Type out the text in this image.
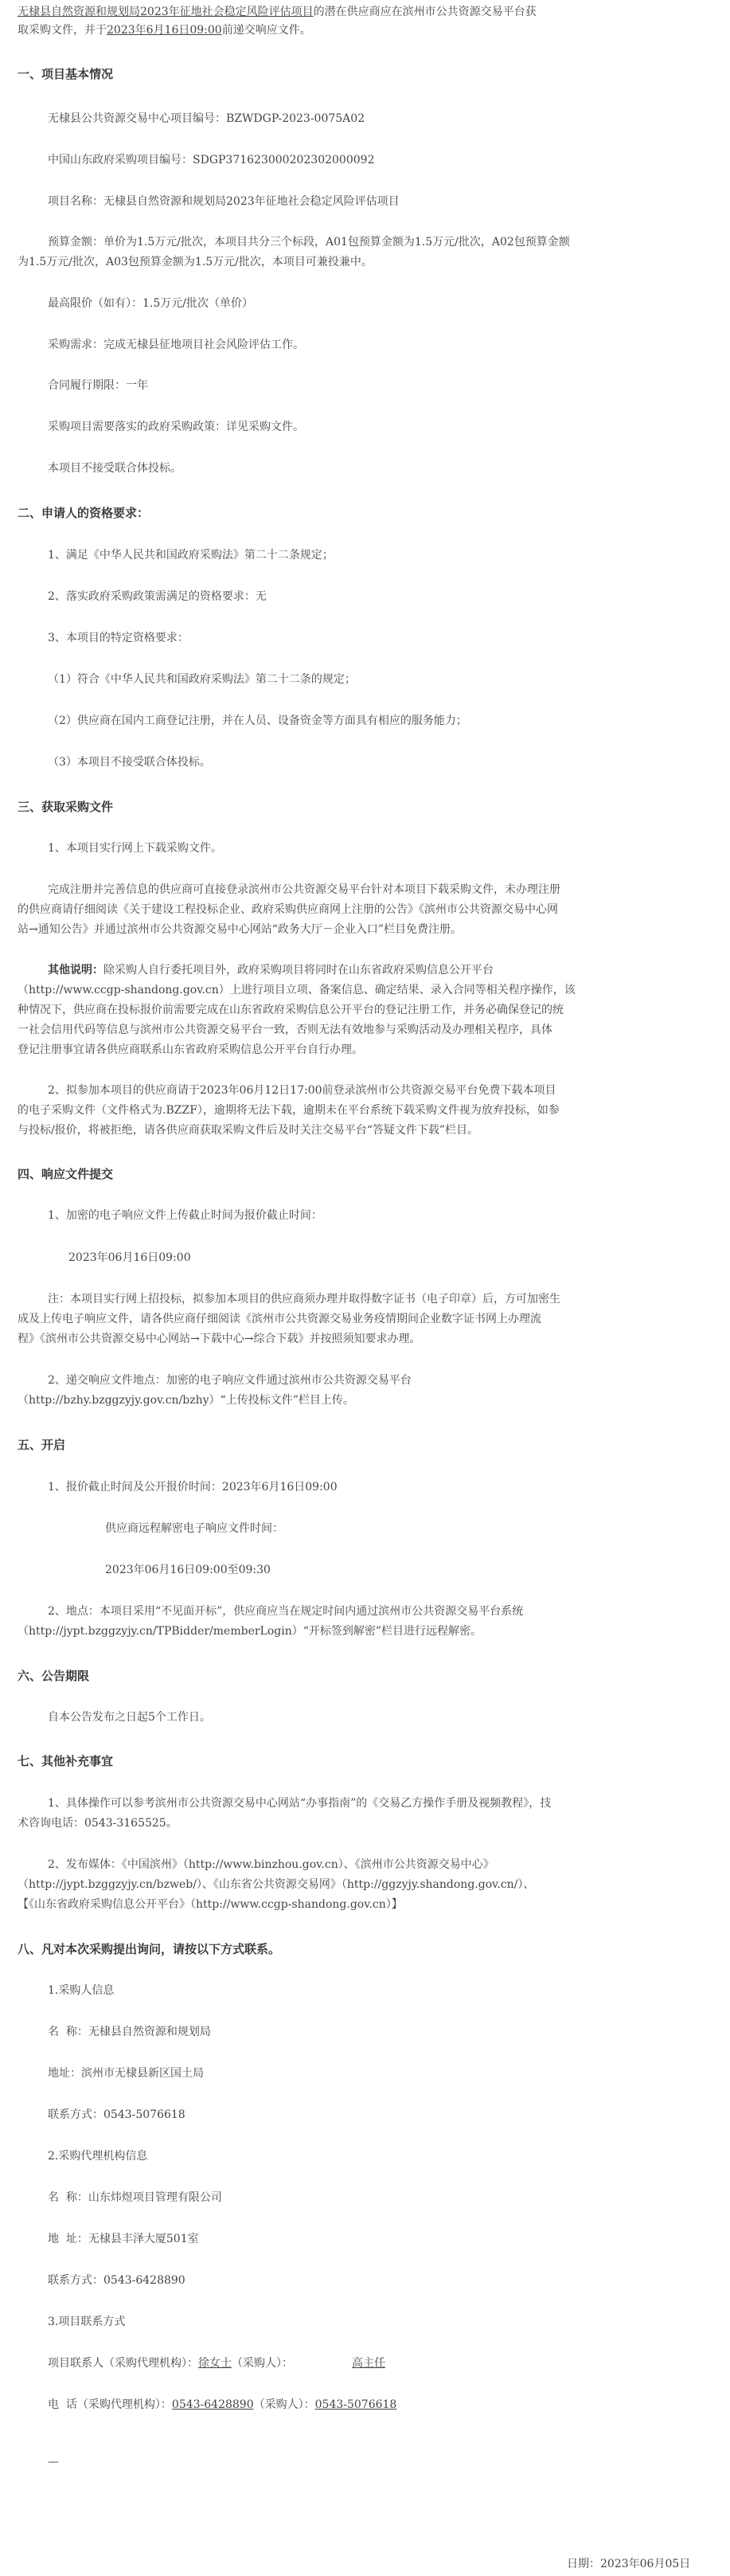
无棣县自然资源和规划局2023年征地社会稳定风险评估项目的潜在供应商应在滨州市公共资源交易平台获
取采购文件，并于2023年6月16日09:00前递交响应文件。
一、项目基本情况
无棣县公共资源交易中心项目编号：BZWDGP-2023-0075A02
中国山东政府采购项目编号：SDGP371623000202302000092
项目名称：无棣县自然资源和规划局2023年征地社会稳定风险评估项目
预算金额：单价为1.5万元/批次，本项目共分三个标段，A01包预算金额为1.5万元/批次，A02包预算金额
为1.5万元/批次，A03包预算金额为1.5万元/批次，本项目可兼投兼中。
最高限价（如有）：1.5万元/批次（单价）
采购需求：完成无棣县征地项目社会风险评估工作。
合同履行期限：一年
采购项目需要落实的政府采购政策：详见采购文件。
本项目不接受联合体投标。
二、申请人的资格要求：
1、满足《中华人民共和国政府采购法》第二十二条规定；
2、落实政府采购政策需满足的资格要求：无
3、本项目的特定资格要求：
（1）符合《中华人民共和国政府采购法》第二十二条的规定；
（2）供应商在国内工商登记注册，并在人员、设备资金等方面具有相应的服务能力；
（3）本项目不接受联合体投标。
三、获取采购文件
1、本项目实行网上下载采购文件。
完成注册并完善信息的供应商可直接登录滨州市公共资源交易平台针对本项目下载采购文件，未办理注册
的供应商请仔细阅读《关于建设工程投标企业、政府采购供应商网上注册的公告》《滨州市公共资源交易中心网
站→通知公告》并通过滨州市公共资源交易中心网站“政务大厅－企业入口”栏目免费注册。
其他说明：除采购人自行委托项目外，政府采购项目将同时在山东省政府采购信息公开平台
（http://www.ccgp-shandong.gov.cn）上进行项目立项、备案信息、确定结果、录入合同等相关程序操作，该
种情况下，供应商在投标报价前需要完成在山东省政府采购信息公开平台的登记注册工作，并务必确保登记的统
一社会信用代码等信息与滨州市公共资源交易平台一致，否则无法有效地参与采购活动及办理相关程序，具体
登记注册事宜请各供应商联系山东省政府采购信息公开平台自行办理。
2、拟参加本项目的供应商请于2023年06月12日17:00前登录滨州市公共资源交易平台免费下载本项目
的电子采购文件（文件格式为.BZZF），逾期将无法下载，逾期未在平台系统下载采购文件视为放弃投标，如参
与投标/报价，将被拒绝，请各供应商获取采购文件后及时关注交易平台“答疑文件下载”栏目。
四、响应文件提交
1、加密的电子响应文件上传截止时间为报价截止时间：
2023年06月16日09:00
注：本项目实行网上招投标，拟参加本项目的供应商须办理并取得数字证书（电子印章）后，方可加密生
成及上传电子响应文件，请各供应商仔细阅读《滨州市公共资源交易业务疫情期间企业数字证书网上办理流
程》《滨州市公共资源交易中心网站→下载中心→综合下载》并按照须知要求办理。
2、递交响应文件地点：加密的电子响应文件通过滨州市公共资源交易平台
（http://bzhy.bzggzyjy.gov.cn/bzhy）“上传投标文件”栏目上传。
五、开启
1、报价截止时间及公开报价时间：2023年6月16日09:00
供应商远程解密电子响应文件时间：
2023年06月16日09:00至09:30
2、地点：本项目采用“不见面开标”，供应商应当在规定时间内通过滨州市公共资源交易平台系统
（http://jypt.bzggzyjy.cn/TPBidder/memberLogin）“开标签到解密”栏目进行远程解密。
六、公告期限
自本公告发布之日起5个工作日。
七、其他补充事宜
1、具体操作可以参考滨州市公共资源交易中心网站“办事指南”的《交易乙方操作手册及视频教程》，技
术咨询电话：0543-3165525。
2、发布媒体：《中国滨州》（http://www.binzhou.gov.cn）、《滨州市公共资源交易中心》
（http://jypt.bzggzyjy.cn/bzweb/）、《山东省公共资源交易网》（http://ggzyjy.shandong.gov.cn/）、
【《山东省政府采购信息公开平台》（http://www.ccgp-shandong.gov.cn）】
八、凡对本次采购提出询问，请按以下方式联系。
1.采购人信息
名  称：无棣县自然资源和规划局
地址：滨州市无棣县新区国土局
联系方式：0543-5076618
2.采购代理机构信息
名  称：山东炜煜项目管理有限公司
地  址：无棣县丰泽大厦501室
联系方式：0543-6428890
3.项目联系方式
项目联系人（采购代理机构）：徐女士（采购人）：	高主任
电  话（采购代理机构）：0543-6428890（采购人）：0543-5076618
—
日期：2023年06月05日
